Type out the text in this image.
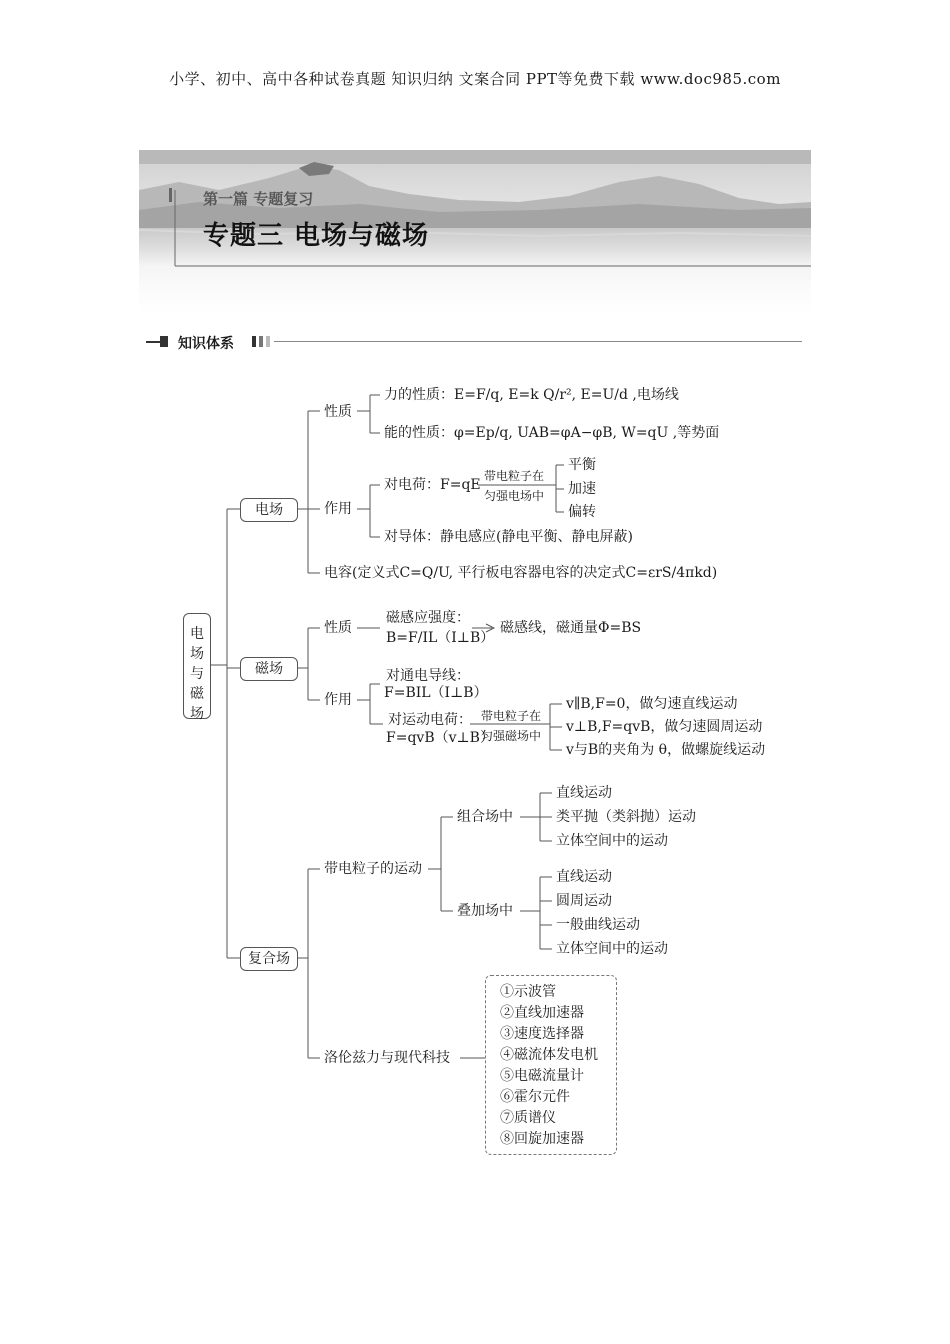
小学、初中、高中各种试卷真题 知识归纳 文案合同 PPT等免费下载 www.doc985.com
第一篇 专题复习
专题三 电场与磁场
知识体系
电场与磁场
电场
磁场
复合场
性质
力的性质：E=F/q, E=k Q/r², E=U/d ,电场线
能的性质：φ=Ep/q, UAB=φA−φB, W=qU ,等势面
作用
对电荷：F=qE
带电粒子在
匀强电场中
平衡
加速
偏转
对导体：静电感应(静电平衡、静电屏蔽)
电容(定义式C=Q/U, 平行板电容器电容的决定式C=εrS/4πkd)
性质
磁感应强度：
B=F/IL（I⊥B）
磁感线，磁通量Φ=BS
作用
对通电导线：
F=BIL（I⊥B）
对运动电荷：
F=qvB（v⊥B）
带电粒子在
匀强磁场中
v∥B,F=0，做匀速直线运动
v⊥B,F=qvB，做匀速圆周运动
v与B的夹角为 θ，做螺旋线运动
带电粒子的运动
组合场中
直线运动
类平抛（类斜抛）运动
立体空间中的运动
叠加场中
直线运动
圆周运动
一般曲线运动
立体空间中的运动
洛伦兹力与现代科技
①示波管
②直线加速器
③速度选择器
④磁流体发电机
⑤电磁流量计
⑥霍尔元件
⑦质谱仪
⑧回旋加速器
